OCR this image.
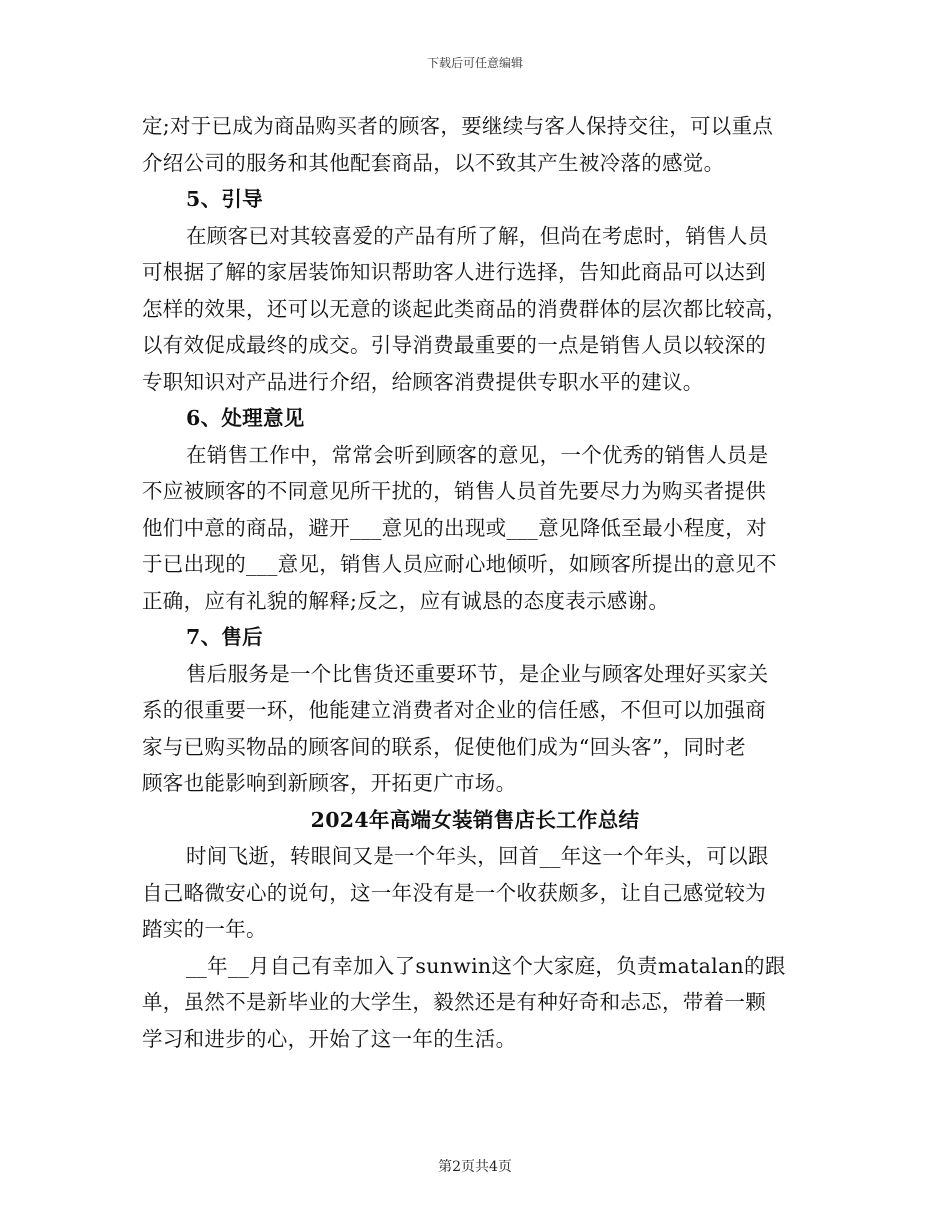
下载后可任意编辑
定;对于已成为商品购买者的顾客，要继续与客人保持交往，可以重点
介绍公司的服务和其他配套商品，以不致其产生被冷落的感觉。
5、引导
在顾客已对其较喜爱的产品有所了解，但尚在考虑时，销售人员
可根据了解的家居装饰知识帮助客人进行选择，告知此商品可以达到
怎样的效果，还可以无意的谈起此类商品的消费群体的层次都比较高，
以有效促成最终的成交。引导消费最重要的一点是销售人员以较深的
专职知识对产品进行介绍，给顾客消费提供专职水平的建议。
6、处理意见
在销售工作中，常常会听到顾客的意见，一个优秀的销售人员是
不应被顾客的不同意见所干扰的，销售人员首先要尽力为购买者提供
他们中意的商品，避开___意见的出现或___意见降低至最小程度，对
于已出现的___意见，销售人员应耐心地倾听，如顾客所提出的意见不
正确，应有礼貌的解释;反之，应有诚恳的态度表示感谢。
7、售后
售后服务是一个比售货还重要环节，是企业与顾客处理好买家关
系的很重要一环，他能建立消费者对企业的信任感，不但可以加强商
家与已购买物品的顾客间的联系，促使他们成为“回头客”，同时老
顾客也能影响到新顾客，开拓更广市场。
2024年高端女装销售店长工作总结
时间飞逝，转眼间又是一个年头，回首__年这一个年头，可以跟
自己略微安心的说句，这一年没有是一个收获颇多，让自己感觉较为
踏实的一年。
__年__月自己有幸加入了sunwin这个大家庭，负责matalan的跟
单，虽然不是新毕业的大学生，毅然还是有种好奇和忐忑，带着一颗
学习和进步的心，开始了这一年的生活。
第2页共4页
